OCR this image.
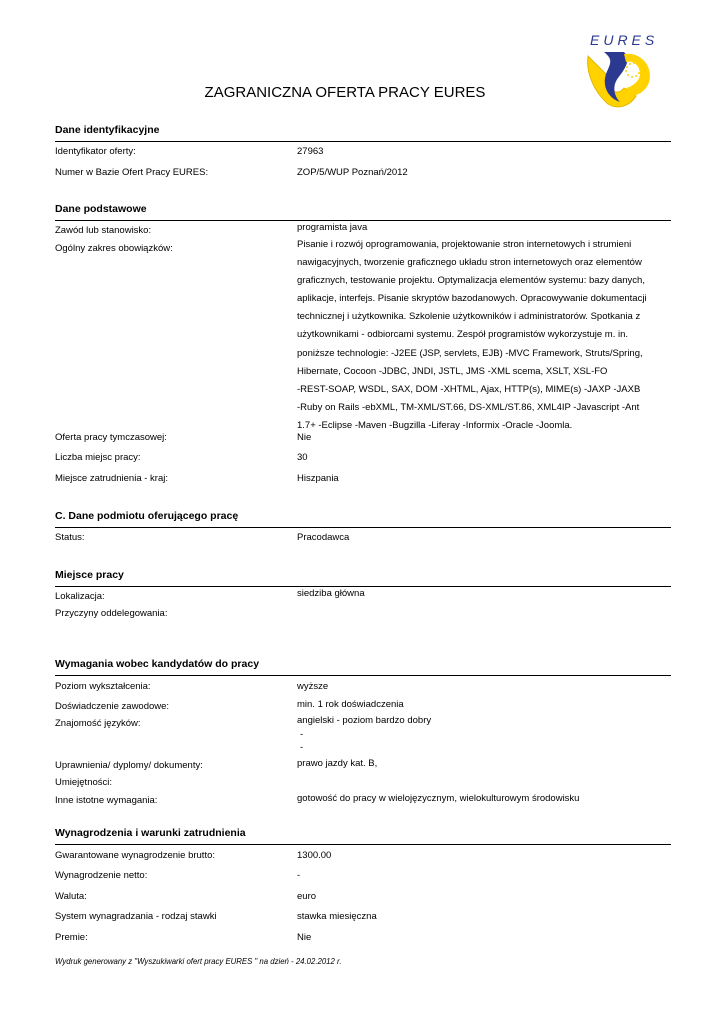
EURES
ZAGRANICZNA OFERTA PRACY EURES
Dane identyfikacyjne
Identyfikator oferty:	27963
Numer w Bazie Ofert Pracy EURES:	ZOP/5/WUP Poznań/2012
Dane podstawowe
Zawód lub stanowisko:	programista java
Ogólny zakres obowiązków:	Pisanie i rozwój oprogramowania, projektowanie stron internetowych i strumieni
nawigacyjnych, tworzenie graficznego układu stron internetowych oraz elementów
graficznych, testowanie projektu. Optymalizacja elementów systemu: bazy danych,
aplikacje, interfejs. Pisanie skryptów bazodanowych. Opracowywanie dokumentacji
technicznej i użytkownika. Szkolenie użytkowników i administratorów. Spotkania z
użytkownikami - odbiorcami systemu. Zespół programistów wykorzystuje m. in.
poniższe technologie: -J2EE (JSP, servlets, EJB) -MVC Framework, Struts/Spring,
Hibernate, Cocoon -JDBC, JNDI, JSTL, JMS -XML scema, XSLT, XSL-FO
-REST-SOAP, WSDL, SAX, DOM -XHTML, Ajax, HTTP(s), MIME(s) -JAXP -JAXB
-Ruby on Rails -ebXML, TM-XML/ST.66, DS-XML/ST.86, XML4IP -Javascript -Ant
1.7+ -Eclipse -Maven -Bugzilla -Liferay -Informix -Oracle -Joomla.
Oferta pracy tymczasowej:	Nie
Liczba miejsc pracy:	30
Miejsce zatrudnienia - kraj:	Hiszpania
C. Dane podmiotu oferującego pracę
Status:	Pracodawca
Miejsce pracy
Lokalizacja:	siedziba główna
Przyczyny oddelegowania:
Wymagania wobec kandydatów do pracy
Poziom wykształcenia:	wyższe
Doświadczenie zawodowe:	min. 1 rok doświadczenia
Znajomość języków:	angielski - poziom bardzo dobry
-
-
Uprawnienia/ dyplomy/ dokumenty:	prawo jazdy kat. B,
Umiejętności:
Inne istotne wymagania:	gotowość do pracy w wielojęzycznym, wielokulturowym środowisku
Wynagrodzenia i warunki zatrudnienia
Gwarantowane wynagrodzenie brutto:	1300.00
Wynagrodzenie netto:	-
Waluta:	euro
System wynagradzania - rodzaj stawki	stawka miesięczna
Premie:	Nie
Wydruk generowany z "Wyszukiwarki ofert pracy EURES " na dzień - 24.02.2012 r.
